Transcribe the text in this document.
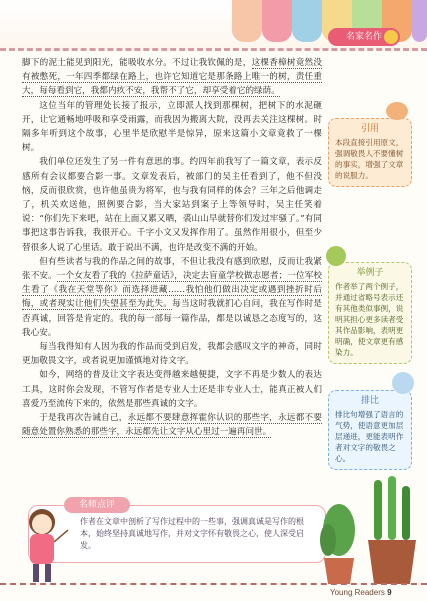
名家名作

脚下的泥土能见到阳光，能吸收水分。不过让我钦佩的是，这棵香樟树竟然没有被憋死，一年四季都绿在路上，也许它知道它是那条路上唯一的树，责任重大，每每看到它，我都内疚不安，我帮不了它，却享受着它的绿荫。

这位当年的管理处长接了报示，立即派人找到那棵树，把树下的水泥砸开，让它通畅地呼吸和享受雨露，而我因为搬离大院，没再去关注这棵树。时隔多年听到这个故事，心里半是欣慰半是惊异，原来这篇小文章竟救了一棵树。

我们单位还发生了另一件有意思的事。约四年前我写了一篇文章，表示反感所有会议都要合影一事。文章发表后，被部门的吴主任看到了，他不但没恼，反而很欣赏，也许他虽贵为将军，也与我有同样的体会？三年之后他调走了，机关欢送他，照例要合影，当大家站到案子上等领导时，吴主任笑着说：“你们先下来吧，站在上面又累又晒，裘山山早就替你们发过牢骚了。”有同事把这事告诉我，我很开心。千字小文又发挥作用了。虽然作用很小，但至少替很多人说了心里话。敢于说出不满，也许是改变不满的开始。

但有些读者与我的作品之间的故事，不但让我没有感到欣慰，反而让我紧张不安。一个女友看了我的《拉萨童话》，决定去盲童学校做志愿者；一位军校生看了《我在天堂等你》而选择进藏……我怕他们做出决定或遇到挫折时后悔，或者现实让他们失望甚至为此失。每当这时我就扪心自问，我在写作时是否真诚，回答是肯定的。我的每一部每一篇作品，都是以诚恳之态度写的，这我心安。

每当我得知有人因为我的作品而受到启发，我都会感叹文字的神奇，同时更加敬畏文字，或者说更加谨慎地对待文字。

如今，网络的普及让文字表达变得越来越便捷，文字不再是少数人的表达工具，这时你会发现，不管写作者是专业人士还是非专业人士，能真正被人们喜爱乃至流传下来的，依然是那些真诚的文字。

于是我再次告诫自己，永远都不要肆意挥霍你认识的那些字，永远都不要随意处置你熟悉的那些字，永远都先让文字从心里过一遍再问世。

引用
本段直接引用原文，强调敬畏人不要懂树的事实，增强了文章的说服力。
举例子
作者举了两个例子，并通过省略号表示还有其他类似事例，说明其担心更多读者受其作品影响，表明更明确，使文章更有感染力。
排比
排比句增强了语言的气势，使语意更加层层递进，更能表明作者对文字的敬畏之心。
名师点评
作者在文章中剖析了写作过程中的一些事，强调真诚是写作的根本，始终坚持真诚地写作，并对文字怀有敬畏之心，使人深受启发。
Young Readers 9
